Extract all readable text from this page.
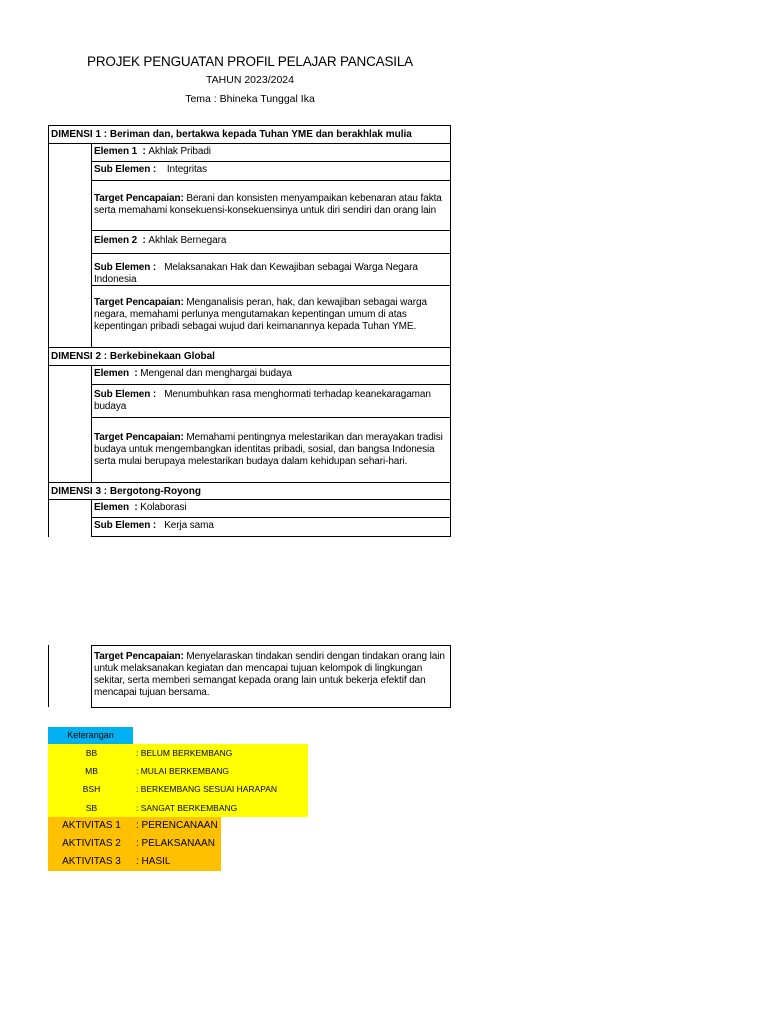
PROJEK PENGUATAN PROFIL PELAJAR PANCASILA
TAHUN 2023/2024
Tema : Bhineka Tunggal Ika
DIMENSI 1 : Beriman dan, bertakwa kepada Tuhan YME dan berakhlak mulia
Elemen 1  : Akhlak Pribadi
Sub Elemen : Integritas
Target Pencapaian: Berani dan konsisten menyampaikan kebenaran atau fakta serta memahami konsekuensi-konsekuensinya untuk diri sendiri dan orang lain
Elemen 2  : Akhlak Bernegara
Sub Elemen : Melaksanakan Hak dan Kewajiban sebagai Warga Negara Indonesia
Target Pencapaian: Menganalisis peran, hak, dan kewajiban sebagai warga negara, memahami perlunya mengutamakan kepentingan umum di atas kepentingan pribadi sebagai wujud dari keimanannya kepada Tuhan YME.
DIMENSI 2 : Berkebinekaan Global
Elemen  : Mengenal dan menghargai budaya
Sub Elemen : Menumbuhkan rasa menghormati terhadap keanekaragaman budaya
Target Pencapaian: Memahami pentingnya melestarikan dan merayakan tradisi budaya untuk mengembangkan identitas pribadi, sosial, dan bangsa Indonesia serta mulai berupaya melestarikan budaya dalam kehidupan sehari-hari.
DIMENSI 3 : Bergotong-Royong
Elemen  : Kolaborasi
Sub Elemen : Kerja sama
Target Pencapaian: Menyelaraskan tindakan sendiri dengan tindakan orang lain untuk melaksanakan kegiatan dan mencapai tujuan kelompok di lingkungan sekitar, serta memberi semangat kepada orang lain untuk bekerja efektif dan mencapai tujuan bersama.
Keterangan
BB	: BELUM BERKEMBANG
MB	: MULAI BERKEMBANG
BSH	: BERKEMBANG SESUAI HARAPAN
SB	: SANGAT BERKEMBANG
AKTIVITAS 1	: PERENCANAAN
AKTIVITAS 2	: PELAKSANAAN
AKTIVITAS 3	: HASIL
